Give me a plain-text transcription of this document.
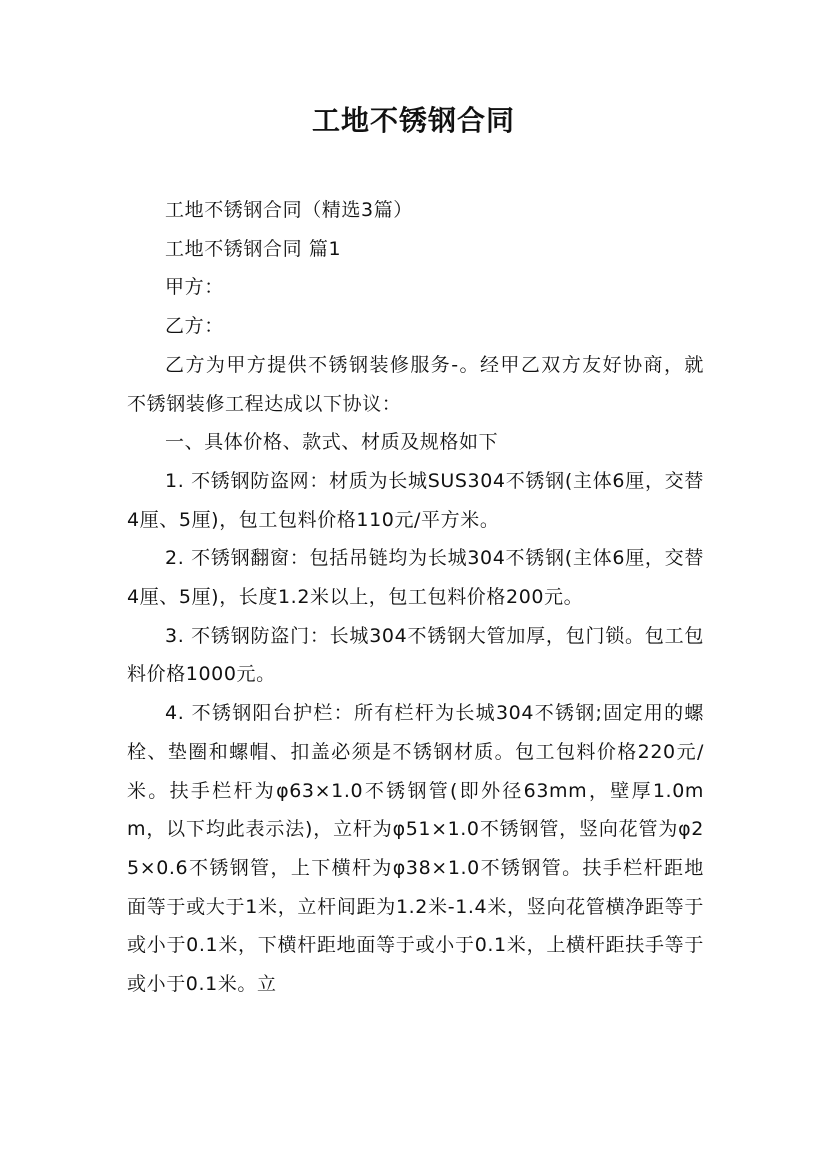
工地不锈钢合同

工地不锈钢合同（精选3篇）

工地不锈钢合同 篇1

甲方：

乙方：

乙方为甲方提供不锈钢装修服务-。经甲乙双方友好协商，就 不锈钢装修工程达成以下协议：

一、具体价格、款式、材质及规格如下

1. 不锈钢防盗网：材质为长城SUS304不锈钢(主体6厘，交替4厘、5厘)，包工包料价格110元/平方米。

2. 不锈钢翻窗：包括吊链均为长城304不锈钢(主体6厘，交替4厘、5厘)，长度1.2米以上，包工包料价格200元。

3. 不锈钢防盗门：长城304不锈钢大管加厚，包门锁。包工包料价格1000元。

4. 不锈钢阳台护栏：所有栏杆为长城304不锈钢;固定用的螺栓、垫圈和螺帽、扣盖必须是不锈钢材质。包工包料价格220元/米。扶手栏杆为φ63×1.0不锈钢管(即外径63mm，壁厚1.0mm，以下均此表示法)，立杆为φ51×1.0不锈钢管，竖向花管为φ25×0.6不锈钢管，上下横杆为φ38×1.0不锈钢管。扶手栏杆距地面等于或大于1米，立杆间距为1.2米-1.4米，竖向花管横净距等于或小于0.1米，下横杆距地面等于或小于0.1米，上横杆距扶手等于或小于0.1米。立
